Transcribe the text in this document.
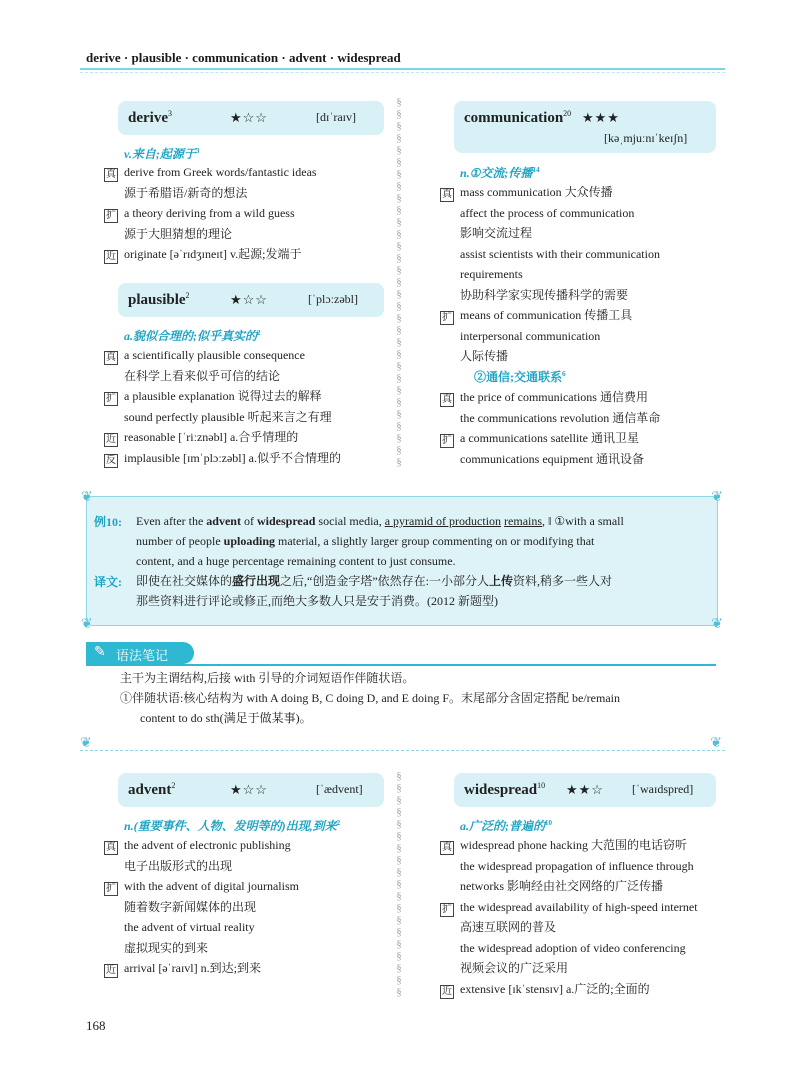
derive · plausible · communication · advent · widespread
§
§
§
§
§
§
§
§
§
§
§
§
§
§
§
§
§
§
§
§
§
§
§
§
§
§
§
§
§
§
§
§
§
§
§
§
§
§
§
§
§
§
§
§
§
§
§
§
§
§
derive$^3$	★☆☆	[dɪˈraɪv]
v.来自;起源于$^3$
plausible$^2$	★☆☆	[ˈplɔːzəbl]
a.貌似合理的;似乎真实的$^2$
communication$^{20}$ ★★★
[kəˌmjuːnɪˈkeɪʃn]
n.①交流;传播$^{14}$
②通信;交通联系$^6$
❦	❦
❦	❦
例10: Even after the advent of widespread social media, a pyramid of production remains, ‖ ①with a small
number of people uploading material, a slightly larger group commenting on or modifying that
content, and a huge percentage remaining content to just consume.
译文: 即使在社交媒体的盛行出现之后,“创造金字塔”依然存在:一小部分人上传资料,稍多一些人对
那些资料进行评论或修正,而绝大多数人只是安于消费。(2012 新题型)
✎ 语法笔记
❦	❦
主干为主谓结构,后接 with 引导的介词短语作伴随状语。
①伴随状语:核心结构为 with A doing B, C doing D, and E doing F。末尾部分含固定搭配 be/remain
content to do sth(满足于做某事)。
advent$^2$	★☆☆	[ˈædvent]
n.(重要事件、人物、发明等的)出现,到来$^2$
widespread$^{10}$ ★★☆ [ˈwaɪdspred]
a.广泛的;普遍的$^{10}$
168
真 derive from Greek words/fantastic ideas
源于希腊语/新奇的想法
扩 a theory deriving from a wild guess
源于大胆猜想的理论
近 originate [əˈrɪdʒɪneɪt] v.起源;发端于
真 a scientifically plausible consequence
在科学上看来似乎可信的结论
扩 a plausible explanation 说得过去的解释
sound perfectly plausible 听起来言之有理
近 reasonable [ˈriːznəbl] a.合乎情理的
反 implausible [ɪmˈplɔːzəbl] a.似乎不合情理的
真 mass communication 大众传播
affect the process of communication
影响交流过程
assist scientists with their communication
requirements
协助科学家实现传播科学的需要
扩 means of communication 传播工具
interpersonal communication
人际传播
真 the price of communications 通信费用
the communications revolution 通信革命
扩 a communications satellite 通讯卫星
communications equipment 通讯设备
真 the advent of electronic publishing
电子出版形式的出现
扩 with the advent of digital journalism
随着数字新闻媒体的出现
the advent of virtual reality
虚拟现实的到来
近 arrival [əˈraɪvl] n.到达;到来
真 widespread phone hacking 大范围的电话窃听
the widespread propagation of influence through
networks 影响经由社交网络的广泛传播
扩 the widespread availability of high-speed internet
高速互联网的普及
the widespread adoption of video conferencing
视频会议的广泛采用
近 extensive [ɪkˈstensɪv] a.广泛的;全面的
